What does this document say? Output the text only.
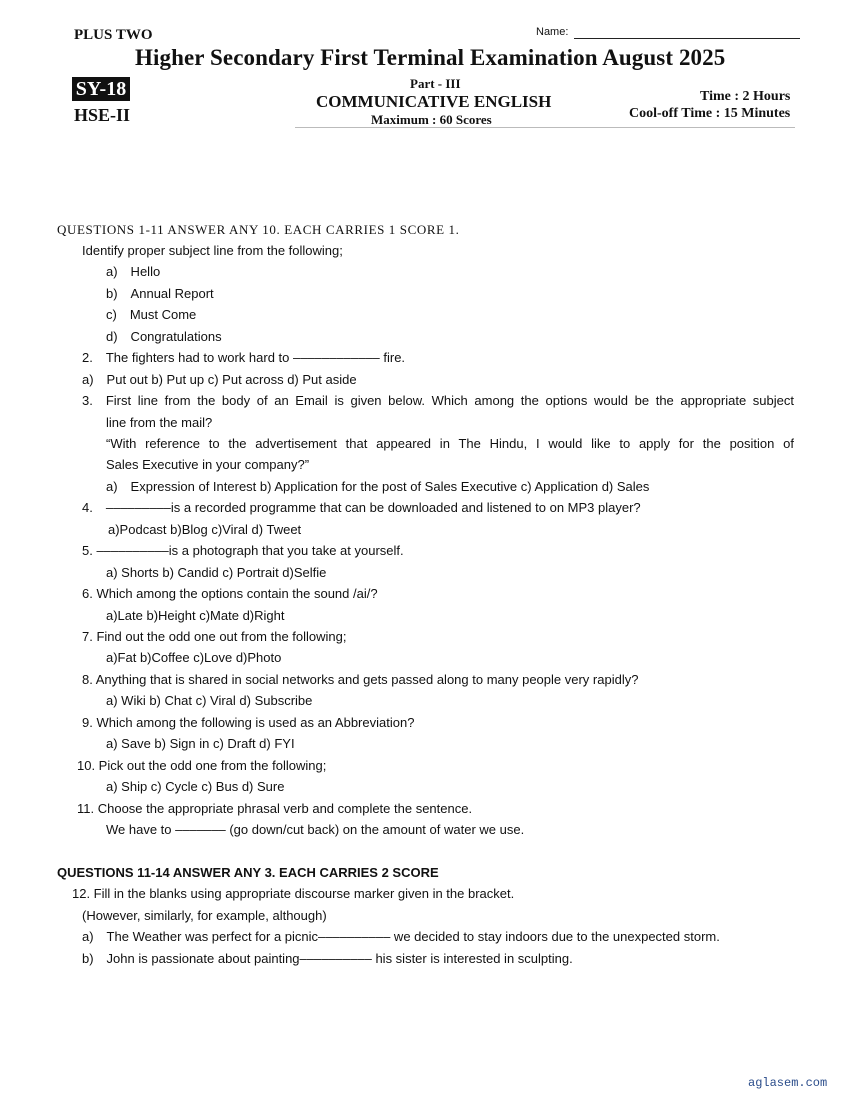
PLUS TWO	Name:
Higher Secondary First Terminal Examination August 2025
SY-18
HSE-II
Part - III
COMMUNICATIVE ENGLISH
Maximum : 60 Scores
Time : 2 Hours
Cool-off Time : 15 Minutes
QUESTIONS 1-11 ANSWER ANY 10. EACH CARRIES 1 SCORE 1.
Identify proper subject line from the following;
a) Hello
b) Annual Report
c) Must Come
d) Congratulations
2. The fighters had to work hard to –––––––––––– fire.
a) Put out b) Put up c) Put across d) Put aside
3. First line from the body of an Email is given below. Which among the options would be the appropriate subject
line from the mail?
“With reference to the advertisement that appeared in The Hindu, I would like to apply for the position of
Sales Executive in your company?”
a) Expression of Interest b) Application for the post of Sales Executive c) Application d) Sales
4. –––––––––is a recorded programme that can be downloaded and listened to on MP3 player?
a)Podcast b)Blog c)Viral d) Tweet
5. ––––––––––is a photograph that you take at yourself.
a) Shorts b) Candid c) Portrait d)Selfie
6. Which among the options contain the sound /ai/?
a)Late b)Height c)Mate d)Right
7. Find out the odd one out from the following;
a)Fat b)Coffee c)Love d)Photo
8. Anything that is shared in social networks and gets passed along to many people very rapidly?
a) Wiki b) Chat c) Viral d) Subscribe
9. Which among the following is used as an Abbreviation?
a) Save b) Sign in c) Draft d) FYI
10. Pick out the odd one from the following;
a) Ship c) Cycle c) Bus d) Sure
11. Choose the appropriate phrasal verb and complete the sentence.
We have to ––––––– (go down/cut back) on the amount of water we use.
QUESTIONS 11-14 ANSWER ANY 3. EACH CARRIES 2 SCORE
12. Fill in the blanks using appropriate discourse marker given in the bracket.
(However, similarly, for example, although)
a) The Weather was perfect for a picnic–––––––––– we decided to stay indoors due to the unexpected storm.
b) John is passionate about painting–––––––––– his sister is interested in sculpting.
aglasem.com
